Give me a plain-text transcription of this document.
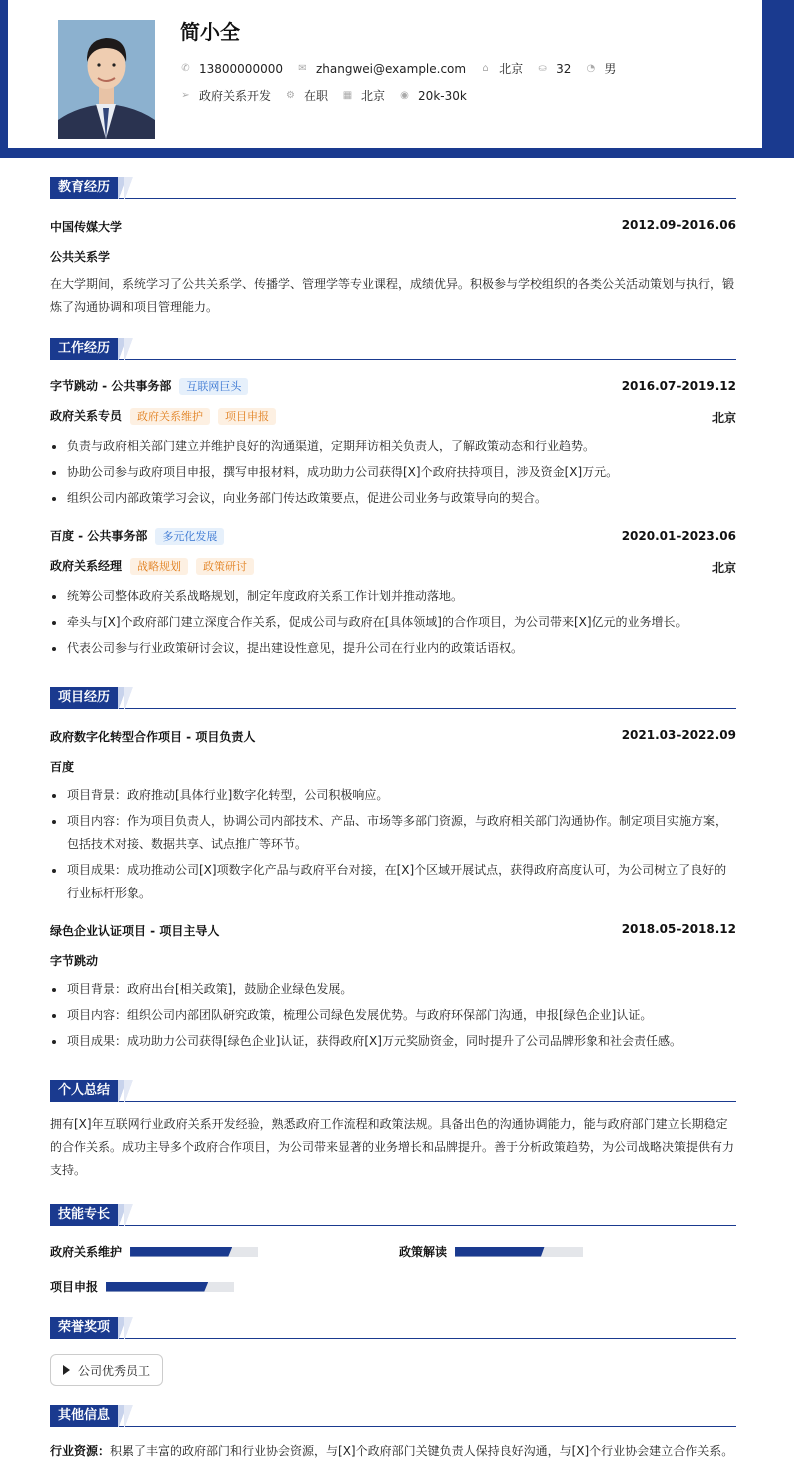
简小全
✆ 13800000000 ✉ zhangwei@example.com ⌂ 北京 ⛀ 32 ◔ 男
➢ 政府关系开发 ⚙ 在职 ▦ 北京 ◉ 20k-30k
教育经历
中国传媒大学	2012.09-2016.06
公共关系学
在大学期间，系统学习了公共关系学、传播学、管理学等专业课程，成绩优异。积极参与学校组织的各类公关活动策划与执行，锻炼了沟通协调和项目管理能力。
工作经历
字节跳动 - 公共事务部 互联网巨头	2016.07-2019.12
政府关系专员 政府关系维护 项目申报	北京
负责与政府相关部门建立并维护良好的沟通渠道，定期拜访相关负责人，了解政策动态和行业趋势。
协助公司参与政府项目申报，撰写申报材料，成功助力公司获得[X]个政府扶持项目，涉及资金[X]万元。
组织公司内部政策学习会议，向业务部门传达政策要点，促进公司业务与政策导向的契合。
百度 - 公共事务部 多元化发展	2020.01-2023.06
政府关系经理 战略规划 政策研讨	北京
统筹公司整体政府关系战略规划，制定年度政府关系工作计划并推动落地。
牵头与[X]个政府部门建立深度合作关系，促成公司与政府在[具体领域]的合作项目，为公司带来[X]亿元的业务增长。
代表公司参与行业政策研讨会议，提出建设性意见，提升公司在行业内的政策话语权。
项目经历
政府数字化转型合作项目 - 项目负责人	2021.03-2022.09
百度
项目背景：政府推动[具体行业]数字化转型，公司积极响应。
项目内容：作为项目负责人，协调公司内部技术、产品、市场等多部门资源，与政府相关部门沟通协作。制定项目实施方案，包括技术对接、数据共享、试点推广等环节。
项目成果：成功推动公司[X]项数字化产品与政府平台对接，在[X]个区域开展试点，获得政府高度认可，为公司树立了良好的行业标杆形象。
绿色企业认证项目 - 项目主导人	2018.05-2018.12
字节跳动
项目背景：政府出台[相关政策]，鼓励企业绿色发展。
项目内容：组织公司内部团队研究政策，梳理公司绿色发展优势。与政府环保部门沟通，申报[绿色企业]认证。
项目成果：成功助力公司获得[绿色企业]认证，获得政府[X]万元奖励资金，同时提升了公司品牌形象和社会责任感。
个人总结
拥有[X]年互联网行业政府关系开发经验，熟悉政府工作流程和政策法规。具备出色的沟通协调能力，能与政府部门建立长期稳定的合作关系。成功主导多个政府合作项目，为公司带来显著的业务增长和品牌提升。善于分析政策趋势，为公司战略决策提供有力支持。
技能专长
政府关系维护	政策解读
项目申报
荣誉奖项
公司优秀员工
其他信息
行业资源：积累了丰富的政府部门和行业协会资源，与[X]个政府部门关键负责人保持良好沟通，与[X]个行业协会建立合作关系。
